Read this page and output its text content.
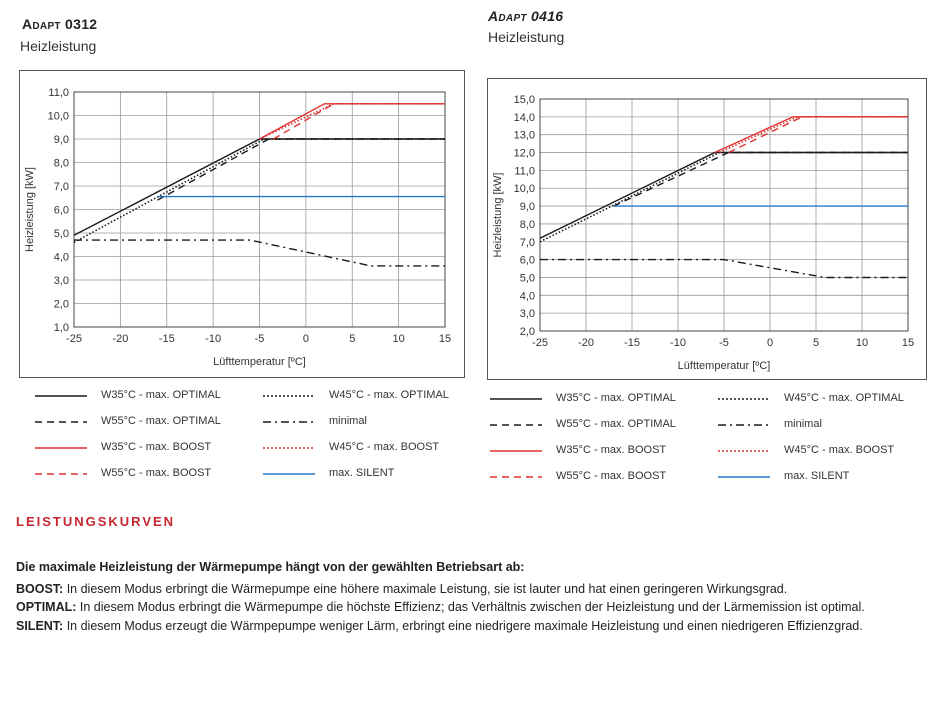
Adapt 0312
Heizleistung
Adapt 0416
Heizleistung
1,0
2,0
3,0
4,0
5,0
6,0
7,0
8,0
9,0
10,0
11,0
-25	-20	-15	-10	-5	0	5	10	15
Lüfttemperatur [ºC]
Heizleistung [kW]
2,0
3,0
4,0
5,0
6,0
7,0
8,0
9,0
10,0
11,0
12,0
13,0
14,0
15,0
-25	-20	-15	-10	-5	0	5	10	15
Lüfttemperatur [ºC]
Heizleistung [kW]
W35°C - max. OPTIMAL	W45°C - max. OPTIMAL
W55°C - max. OPTIMAL	minimal
W35°C - max. BOOST	W45°C - max. BOOST
W55°C - max. BOOST	max. SILENT
W35°C - max. OPTIMAL	W45°C - max. OPTIMAL
W55°C - max. OPTIMAL	minimal
W35°C - max. BOOST	W45°C - max. BOOST
W55°C - max. BOOST	max. SILENT
LEISTUNGSKURVEN

Die maximale Heizleistung der Wärmepumpe hängt von der gewählten Betriebsart ab:

BOOST: In diesem Modus erbringt die Wärmepumpe eine höhere maximale Leistung, sie ist lauter und hat einen geringeren Wirkungsgrad.

OPTIMAL: In diesem Modus erbringt die Wärmepumpe die höchste Effizienz; das Verhältnis zwischen der Heizleistung und der Lärmemission ist optimal.

SILENT: In diesem Modus erzeugt die Wärmpepumpe weniger Lärm, erbringt eine niedrigere maximale Heizleistung und einen niedrigeren Effizienzgrad.
